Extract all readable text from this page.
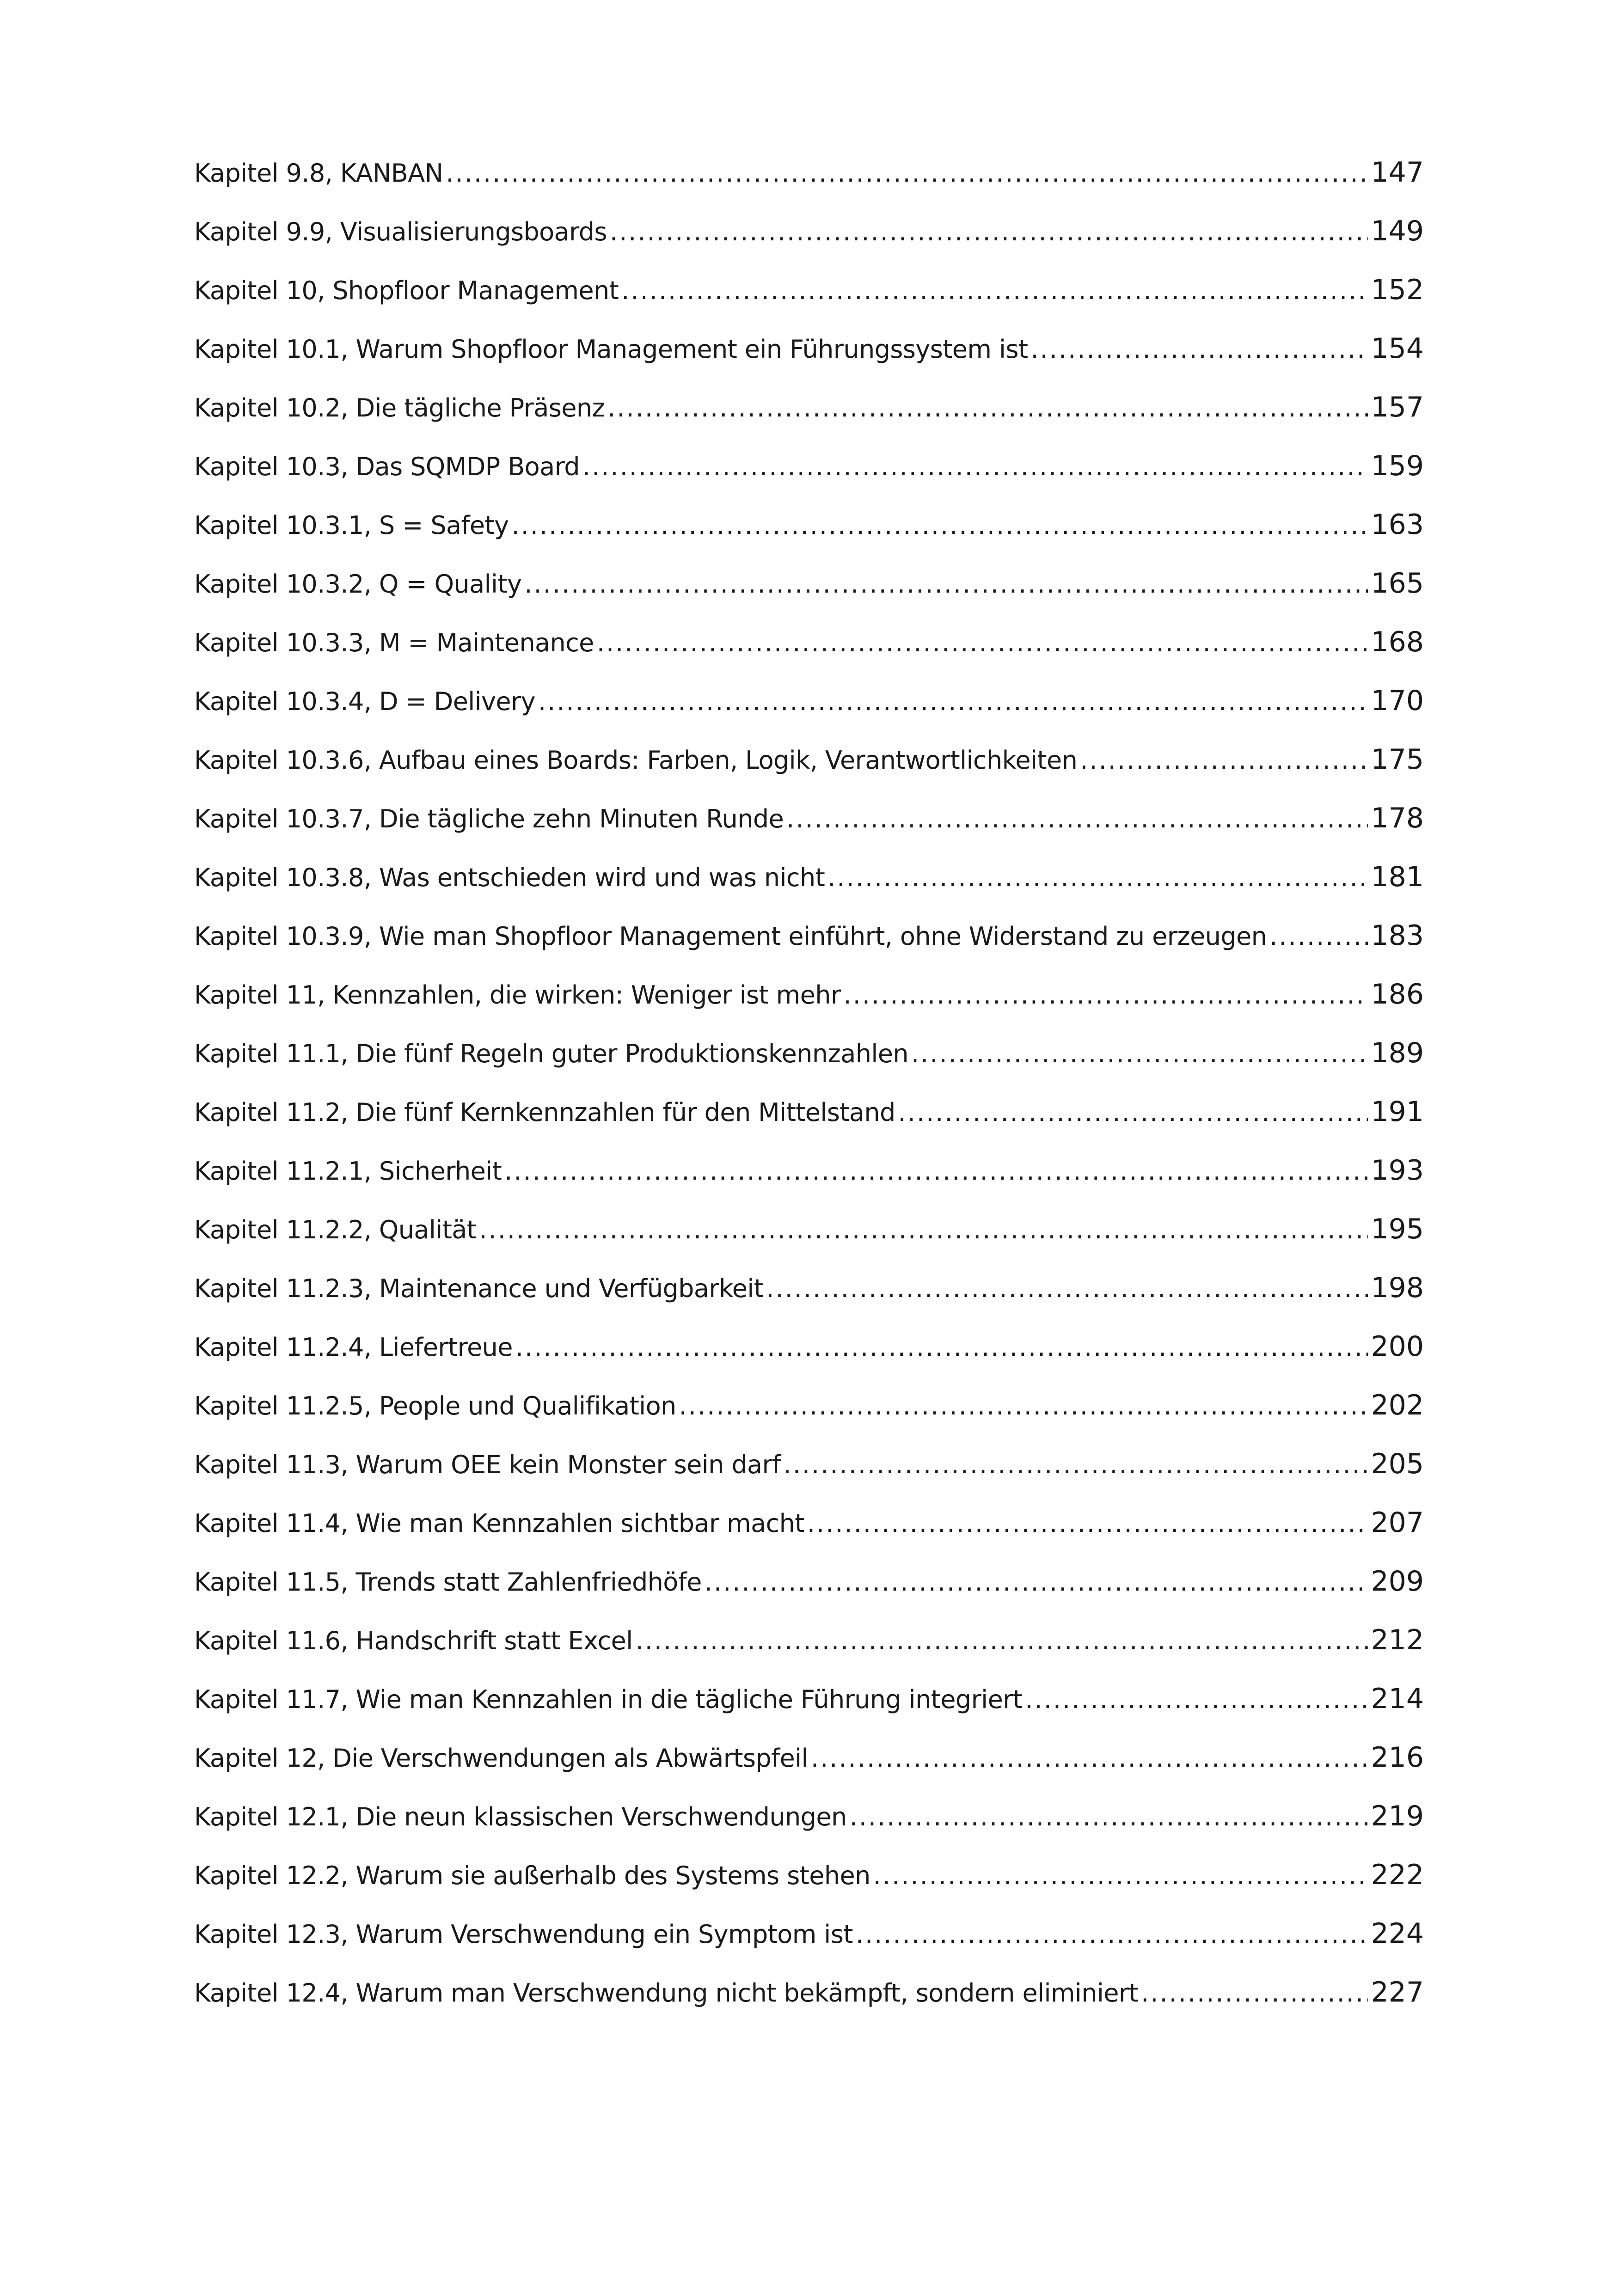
Kapitel 9.8, KANBAN .....	147
Kapitel 9.9, Visualisierungsboards .....	149
Kapitel 10, Shopfloor Management .....	152
Kapitel 10.1, Warum Shopfloor Management ein Führungssystem ist .....	154
Kapitel 10.2, Die tägliche Präsenz .....	157
Kapitel 10.3, Das SQMDP Board .....	159
Kapitel 10.3.1, S = Safety .....	163
Kapitel 10.3.2, Q = Quality .....	165
Kapitel 10.3.3, M = Maintenance .....	168
Kapitel 10.3.4, D = Delivery .....	170
Kapitel 10.3.6, Aufbau eines Boards: Farben, Logik, Verantwortlichkeiten .....	175
Kapitel 10.3.7, Die tägliche zehn Minuten Runde .....	178
Kapitel 10.3.8, Was entschieden wird und was nicht .....	181
Kapitel 10.3.9, Wie man Shopfloor Management einführt, ohne Widerstand zu erzeugen .....	183
Kapitel 11, Kennzahlen, die wirken: Weniger ist mehr .....	186
Kapitel 11.1, Die fünf Regeln guter Produktionskennzahlen .....	189
Kapitel 11.2, Die fünf Kernkennzahlen für den Mittelstand .....	191
Kapitel 11.2.1, Sicherheit .....	193
Kapitel 11.2.2, Qualität .....	195
Kapitel 11.2.3, Maintenance und Verfügbarkeit .....	198
Kapitel 11.2.4, Liefertreue .....	200
Kapitel 11.2.5, People und Qualifikation .....	202
Kapitel 11.3, Warum OEE kein Monster sein darf .....	205
Kapitel 11.4, Wie man Kennzahlen sichtbar macht .....	207
Kapitel 11.5, Trends statt Zahlenfriedhöfe .....	209
Kapitel 11.6, Handschrift statt Excel .....	212
Kapitel 11.7, Wie man Kennzahlen in die tägliche Führung integriert .....	214
Kapitel 12, Die Verschwendungen als Abwärtspfeil .....	216
Kapitel 12.1, Die neun klassischen Verschwendungen .....	219
Kapitel 12.2, Warum sie außerhalb des Systems stehen .....	222
Kapitel 12.3, Warum Verschwendung ein Symptom ist .....	224
Kapitel 12.4, Warum man Verschwendung nicht bekämpft, sondern eliminiert .....	227
